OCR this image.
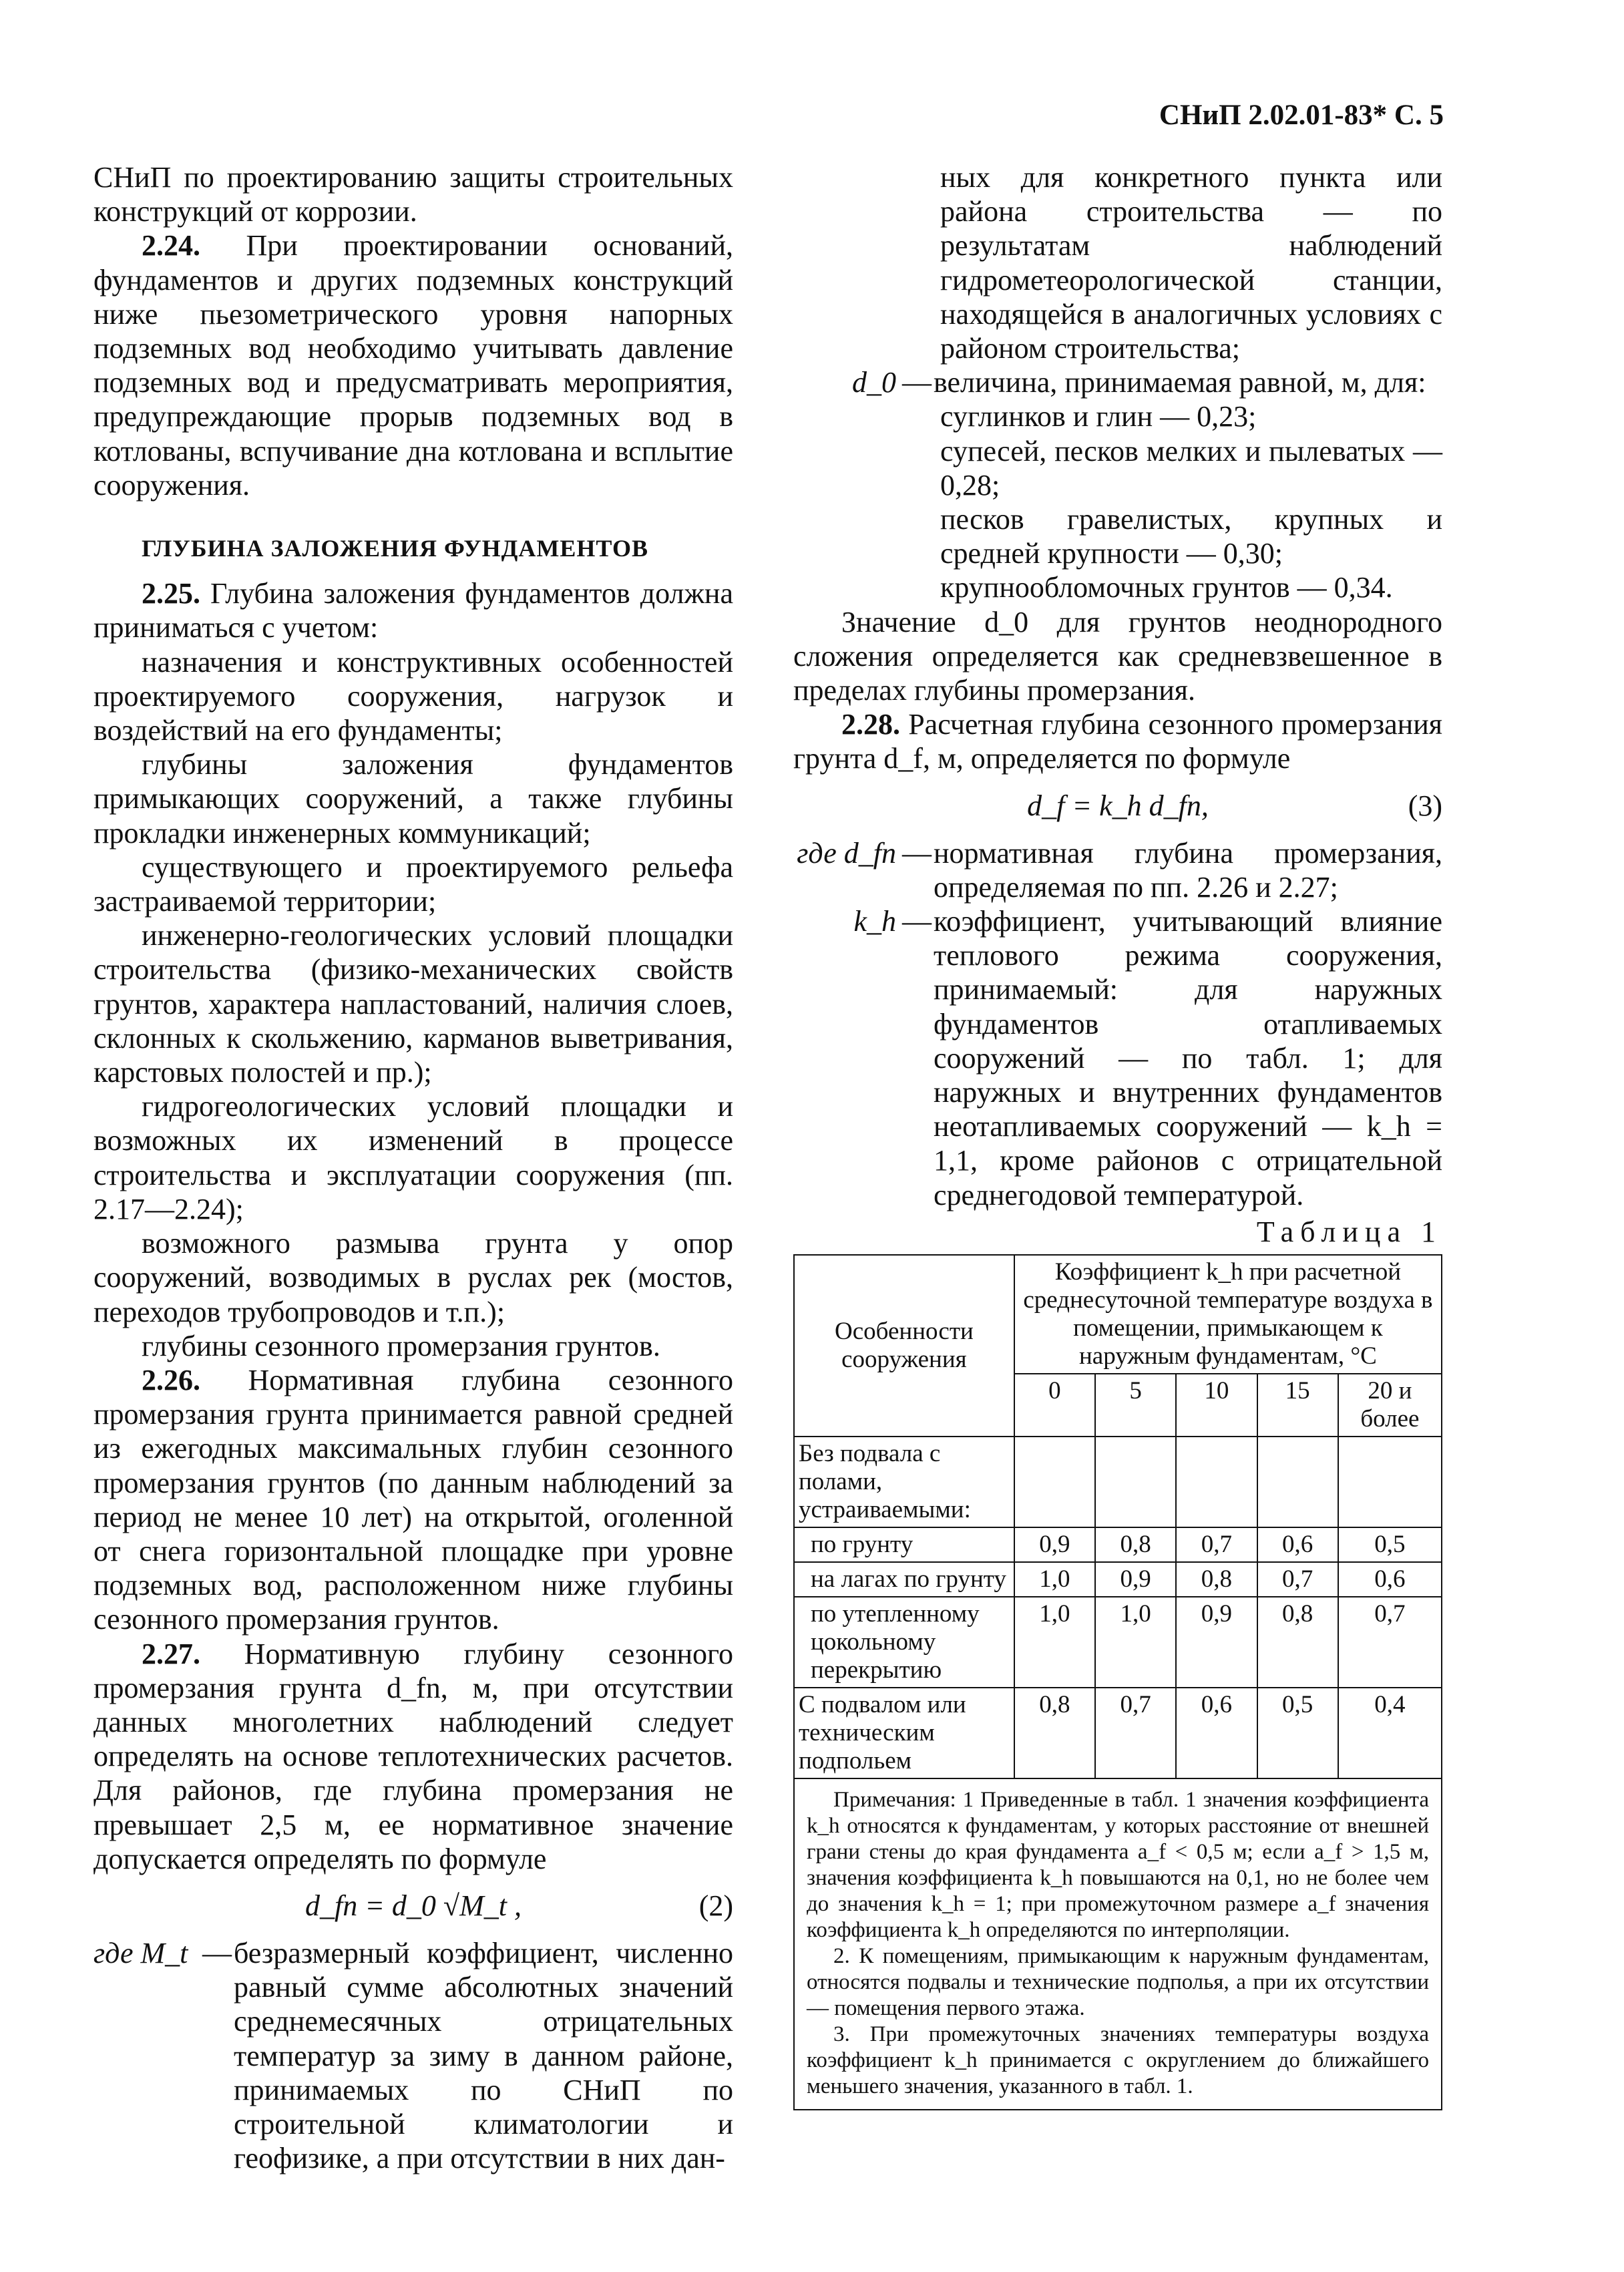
СНиП 2.02.01-83* С. 5

СНиП по проектированию защиты строительных конструкций от коррозии.

2.24. При проектировании оснований, фундаментов и других подземных конструкций ниже пьезометрического уровня напорных подземных вод необходимо учитывать давление подземных вод и предусматривать мероприятия, предупреждающие прорыв подземных вод в котлованы, вспучивание дна котлована и всплытие сооружения.

ГЛУБИНА ЗАЛОЖЕНИЯ ФУНДАМЕНТОВ

2.25. Глубина заложения фундаментов должна приниматься с учетом:

назначения и конструктивных особенностей проектируемого сооружения, нагрузок и воздействий на его фундаменты;

глубины заложения фундаментов примыкающих сооружений, а также глубины прокладки инженерных коммуникаций;

существующего и проектируемого рельефа застраиваемой территории;

инженерно-геологических условий площадки строительства (физико-механических свойств грунтов, характера напластований, наличия слоев, склонных к скольжению, карманов выветривания, карстовых полостей и пр.);

гидрогеологических условий площадки и возможных их изменений в процессе строительства и эксплуатации сооружения (пп. 2.17—2.24);

возможного размыва грунта у опор сооружений, возводимых в руслах рек (мостов, переходов трубопроводов и т.п.);

глубины сезонного промерзания грунтов.

2.26. Нормативная глубина сезонного промерзания грунта принимается равной средней из ежегодных максимальных глубин сезонного промерзания грунтов (по данным наблюдений за период не менее 10 лет) на открытой, оголенной от снега горизонтальной площадке при уровне подземных вод, расположенном ниже глубины сезонного промерзания грунтов.

2.27. Нормативную глубину сезонного промерзания грунта d_fn, м, при отсутствии данных многолетних наблюдений следует определять на основе теплотехнических расчетов. Для районов, где глубина промерзания не превышает 2,5 м, ее нормативное значение допускается определять по формуле

d_fn = d_0 √M_t ,	(2)
где M_t — безразмерный коэффициент, численно равный сумме абсолютных значений среднемесячных отрицательных температур за зиму в данном районе, принимаемых по СНиП по строительной климатологии и геофизике, а при отсутствии в них дан-

ных для конкретного пункта или района строительства — по результатам наблюдений гидрометеорологической станции, находящейся в аналогичных условиях с районом строительства;

d_0 — величина, принимаемая равной, м, для:

суглинков и глин — 0,23;

супесей, песков мелких и пылеватых — 0,28;

песков гравелистых, крупных и средней крупности — 0,30;

крупнообломочных грунтов — 0,34.

Значение d_0 для грунтов неоднородного сложения определяется как средневзвешенное в пределах глубины промерзания.

2.28. Расчетная глубина сезонного промерзания грунта d_f, м, определяется по формуле

d_f = k_h d_fn,	(3)
где d_fn — нормативная глубина промерзания, определяемая по пп. 2.26 и 2.27;
k_h — коэффициент, учитывающий влияние теплового режима сооружения, принимаемый: для наружных фундаментов отапливаемых сооружений — по табл. 1; для наружных и внутренних фундаментов неотапливаемых сооружений — k_h = 1,1, кроме районов с отрицательной среднегодовой температурой.
Таблица 1
Особенности сооружения	Коэффициент k_h при расчетной среднесуточной температуре воздуха в помещении, примыкающем к наружным фундаментам, °С				
	0	5	10	15	20 и более
Без подвала с полами, устраиваемыми:					
по грунту	0,9	0,8	0,7	0,6	0,5
на лагах по грунту	1,0	0,9	0,8	0,7	0,6
по утепленному цокольному перекрытию	1,0	1,0	0,9	0,8	0,7
С подвалом или техническим подпольем	0,8	0,7	0,6	0,5	0,4

Примечания: 1 Приведенные в табл. 1 значения коэффициента k_h относятся к фундаментам, у которых расстояние от внешней грани стены до края фундамента a_f < 0,5 м; если a_f > 1,5 м, значения коэффициента k_h повышаются на 0,1, но не более чем до значения k_h = 1; при промежуточном размере a_f значения коэффициента k_h определяются по интерполяции.

2. К помещениям, примыкающим к наружным фундаментам, относятся подвалы и технические подполья, а при их отсутствии — помещения первого этажа.

3. При промежуточных значениях температуры воздуха коэффициент k_h принимается с округлением до ближайшего меньшего значения, указанного в табл. 1.
